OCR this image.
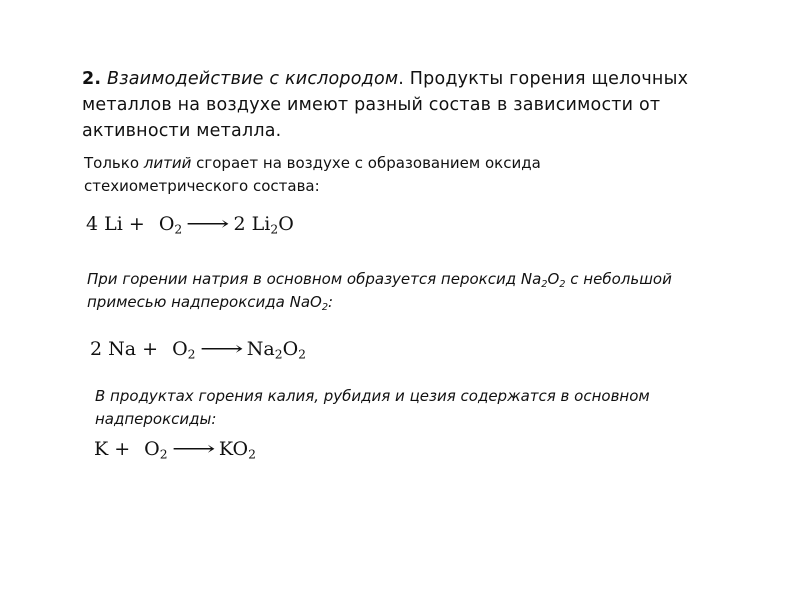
2. Взаимодействие с кислородом. Продукты горения щелочных металлов на воздухе имеют разный состав в зависимости от активности металла.
Только литий сгорает на воздухе с образованием оксида стехиометрического состава:
4 $Li + O_2$ ⟶ 2 $Li_2O$
При горении натрия в основном образуется пероксид $Na_2O_2$ с небольшой примесью надпероксида NaO$_2$:
2 $Na + O_2$ ⟶ $Na_2O_2$
В продуктах горения калия, рубидия и цезия содержатся в основном надпероксиды:
$K + O_2$ ⟶ $KO_2$
